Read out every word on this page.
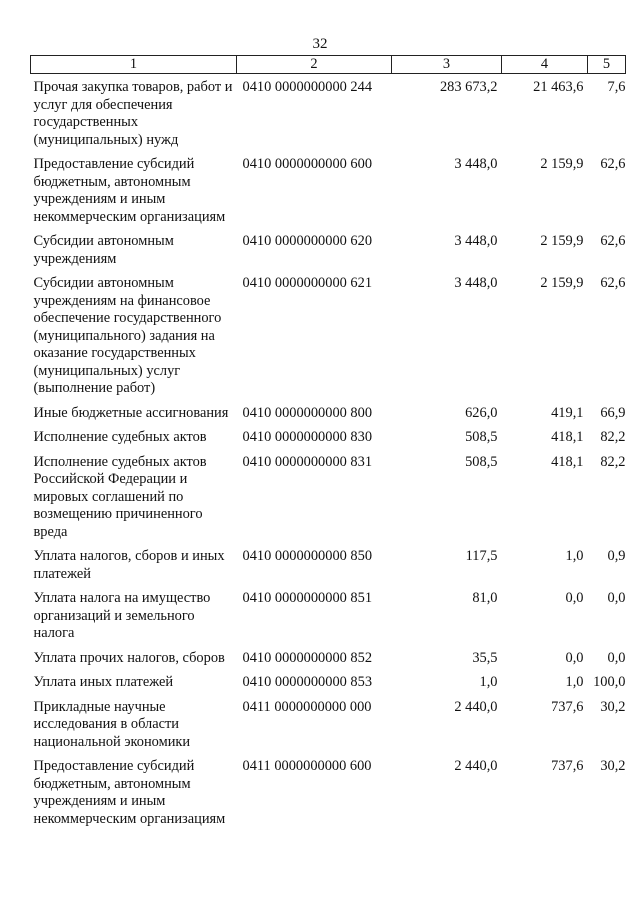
32
1	2	3	4	5
Прочая закупка товаров, работ и услуг для обеспечения государственных (муниципальных) нужд	0410 0000000000 244	283 673,2	21 463,6	7,6
Предоставление субсидий бюджетным, автономным учреждениям и иным некоммерческим организациям	0410 0000000000 600	3 448,0	2 159,9	62,6
Субсидии автономным учреждениям	0410 0000000000 620	3 448,0	2 159,9	62,6
Субсидии автономным учреждениям на финансовое обеспечение государственного (муниципального) задания на оказание государственных (муниципальных) услуг (выполнение работ)	0410 0000000000 621	3 448,0	2 159,9	62,6
Иные бюджетные ассигнования	0410 0000000000 800	626,0	419,1	66,9
Исполнение судебных актов	0410 0000000000 830	508,5	418,1	82,2
Исполнение судебных актов Российской Федерации и мировых соглашений по возмещению причиненного вреда	0410 0000000000 831	508,5	418,1	82,2
Уплата налогов, сборов и иных платежей	0410 0000000000 850	117,5	1,0	0,9
Уплата налога на имущество организаций и земельного налога	0410 0000000000 851	81,0	0,0	0,0
Уплата прочих налогов, сборов	0410 0000000000 852	35,5	0,0	0,0
Уплата иных платежей	0410 0000000000 853	1,0	1,0	100,0
Прикладные научные исследования в области национальной экономики	0411 0000000000 000	2 440,0	737,6	30,2
Предоставление субсидий бюджетным, автономным учреждениям и иным некоммерческим организациям	0411 0000000000 600	2 440,0	737,6	30,2
